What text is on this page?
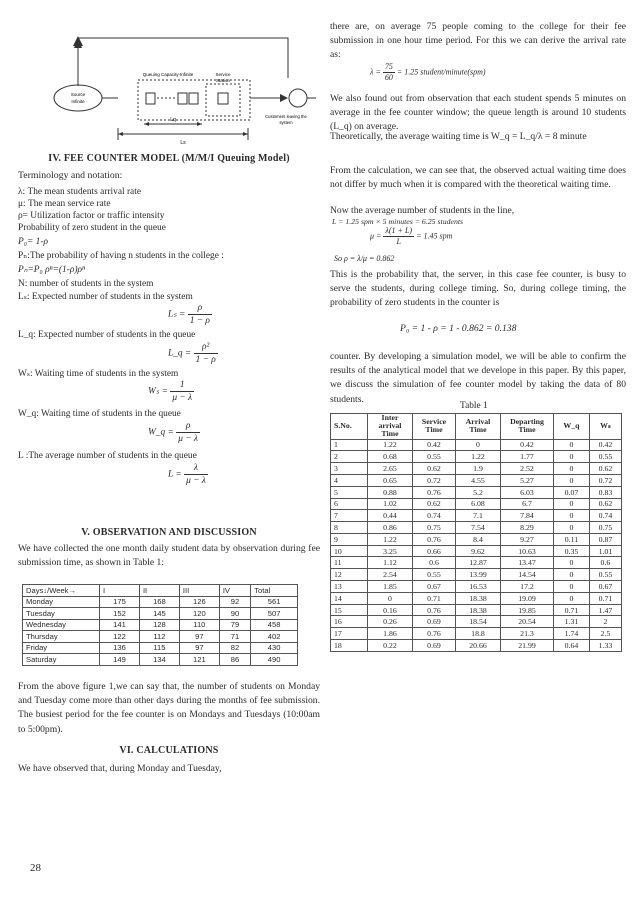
Source
Infinite
Queuing Capacity-Infinite	Service
Station
Lq
Ls
Customers leaving the
system
IV. FEE COUNTER MODEL (M/M/I Queuing Model)
Terminology and notation:
λ: The mean students arrival rate
μ: The mean service rate
ρ= Utilization factor or traffic intensity
Probability of zero student in the queue
P₀= 1-ρ
Pₙ:The probability of having n students in the college :
Pₙ=P₀ ρⁿ=(1-ρ)ρⁿ
N: number of students in the system
Lₛ: Expected number of students in the system
$L_s = \frac{\rho}{1 - \rho}$
L_q: Expected number of students in the queue
L_q = $\frac{\text{ρ²}}{1 - \rho}$
Wₛ: Waiting time of students in the system
$W_s = \frac{1}{\mu - \lambda}$
W_q: Waiting time of students in the queue
W_q = $\frac{\rho}{\mu - \lambda}$
L :The average number of students in the queue
$L = \frac{\lambda}{\mu - \lambda}$
V. OBSERVATION AND DISCUSSION

We have collected the one month daily student data by observation during fee submission time, as shown in Table 1:

Days↓/Week→	I	II	III	IV	Total
Monday	175	168	126	92	561
Tuesday	152	145	120	90	507
Wednesday	141	128	110	79	458
Thursday	122	112	97	71	402
Friday	136	115	97	82	430
Saturday	149	134	121	86	490

From the above figure 1,we can say that, the number of students on Monday and Tuesday come more than other days during the months of fee submission. The busiest period for the fee counter is on Mondays and Tuesdays (10:00am to 5:00pm).

VI. CALCULATIONS

We have observed that, during Monday and Tuesday,

there are, on average 75 people coming to the college for their fee submission in one hour time period. For this we can derive the arrival rate as:

$\lambda = \frac{75}{60} = 1.25$ student/minute(spm)

We also found out from observation that each student spends 5 minutes on average in the fee counter window; the queue length is around 10 students (L_q) on average.

Theoretically, the average waiting time is W_q = L_q/λ = 8 minute

From the calculation, we can see that, the observed actual waiting time does not differ by much when it is compared with the theoretical waiting time.

Now the average number of students in the line,

L = 1.25 spm × 5 minutes = 6.25 students
$\mu = \frac{\lambda(1 + L)}{L} = 1.45$ spm
So ρ = λ/μ = 0.862

This is the probability that, the server, in this case fee counter, is busy to serve the students, during college timing. So, during college timing, the probability of zero students in the counter is

P₀ = 1 - ρ = 1 - 0.862 = 0.138

counter. By developing a simulation model, we will be able to confirm the results of the analytical model that we develope in this paper. By this paper, we discuss the simulation of fee counter model by taking the data of 80 students.

Table 1
S.No.	Inter arrival Time	Service Time	Arrival Time	Departing Time	W_q	Wₛ
1	1.22	0.42	0	0.42	0	0.42
2	0.68	0.55	1.22	1.77	0	0.55
3	2.65	0.62	1.9	2.52	0	0.62
4	0.65	0.72	4.55	5.27	0	0.72
5	0.88	0.76	5.2	6.03	0.07	0.83
6	1.02	0.62	6.08	6.7	0	0.62
7	0.44	0.74	7.1	7.84	0	0.74
8	0.86	0.75	7.54	8.29	0	0.75
9	1.22	0.76	8.4	9.27	0.11	0.87
10	3.25	0.66	9.62	10.63	0.35	1.01
11	1.12	0.6	12.87	13.47	0	0.6
12	2.54	0.55	13.99	14.54	0	0.55
13	1.85	0.67	16.53	17.2	0	0.67
14	0	0.71	18.38	19.09	0	0.71
15	0.16	0.76	18.38	19.85	0.71	1.47
16	0.26	0.69	18.54	20.54	1.31	2
17	1.86	0.76	18.8	21.3	1.74	2.5
18	0.22	0.69	20.66	21.99	0.64	1.33
28
